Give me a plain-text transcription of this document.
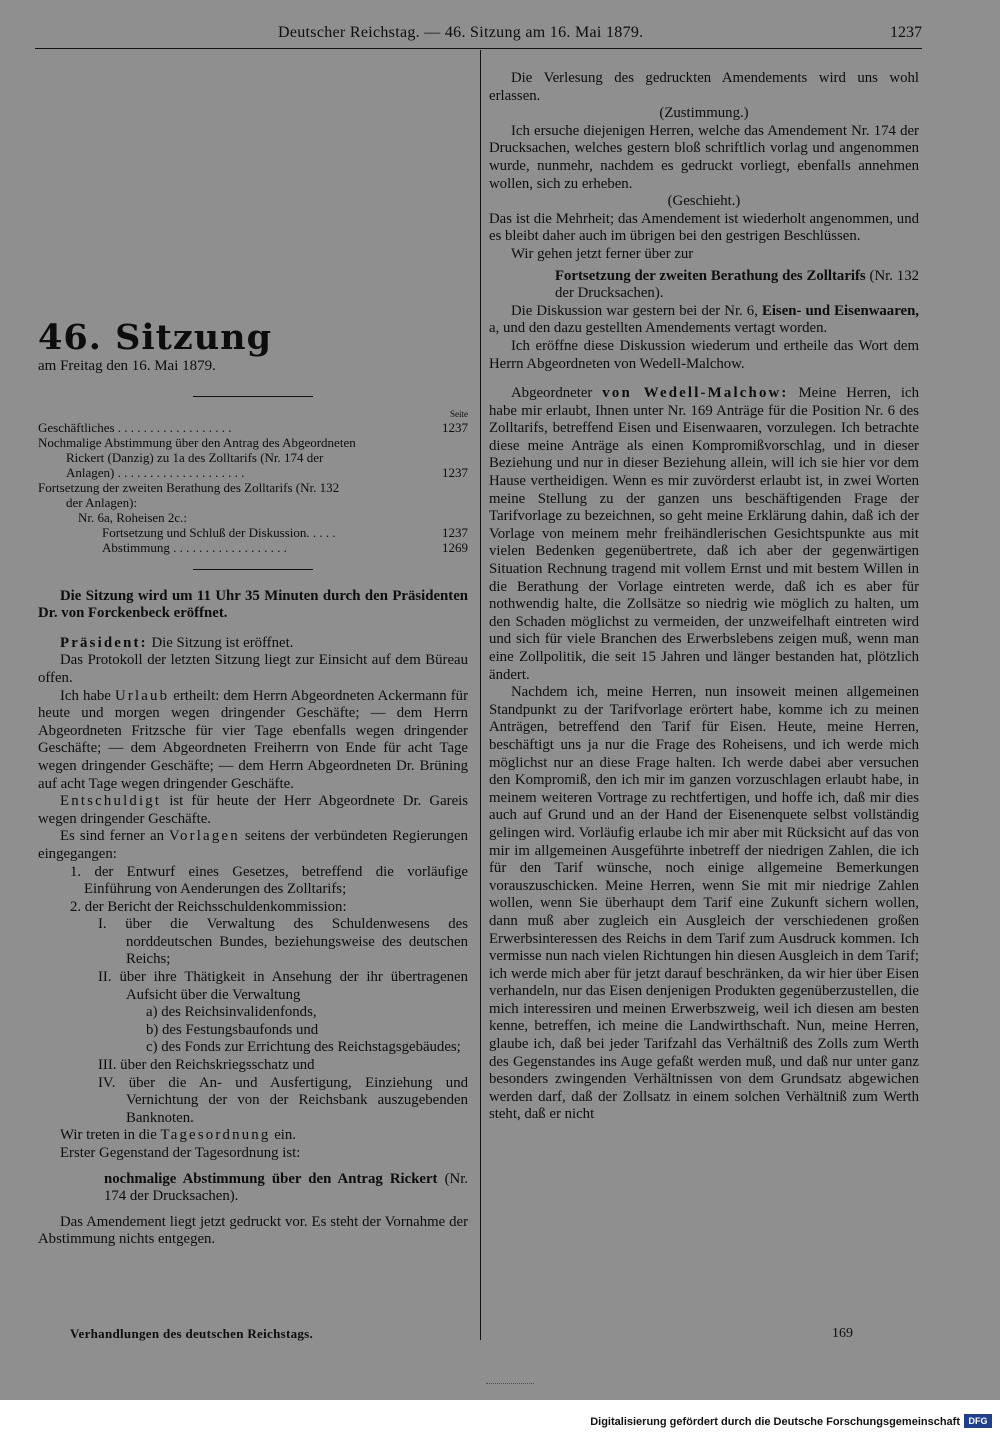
Deutscher Reichstag. — 46. Sitzung am 16. Mai 1879.	1237

46. Sitzung

am Freitag den 16. Mai 1879.

Seite
Geschäftliches . . . . . . . . . . . . . . . . . .	1237
Nochmalige Abstimmung über den Antrag des Abgeordneten
Rickert (Danzig) zu 1a des Zolltarifs (Nr. 174 der
Anlagen) . . . . . . . . . . . . . . . . . . . .	1237
Fortsetzung der zweiten Berathung des Zolltarifs (Nr. 132
der Anlagen):
Nr. 6a, Roheisen 2c.:
Fortsetzung und Schluß der Diskussion. . . . .	1237
Abstimmung . . . . . . . . . . . . . . . . . .	1269

Die Sitzung wird um 11 Uhr 35 Minuten durch den Präsidenten Dr. von Forckenbeck eröffnet.

Präsident: Die Sitzung ist eröffnet.

Das Protokoll der letzten Sitzung liegt zur Einsicht auf dem Büreau offen.

Ich habe Urlaub ertheilt: dem Herrn Abgeordneten Ackermann für heute und morgen wegen dringender Geschäfte; — dem Herrn Abgeordneten Fritzsche für vier Tage ebenfalls wegen dringender Geschäfte; — dem Abgeordneten Freiherrn von Ende für acht Tage wegen dringender Geschäfte; — dem Herrn Abgeordneten Dr. Brüning auf acht Tage wegen dringender Geschäfte.

Entschuldigt ist für heute der Herr Abgeordnete Dr. Gareis wegen dringender Geschäfte.

Es sind ferner an Vorlagen seitens der verbündeten Regierungen eingegangen:

1. der Entwurf eines Gesetzes, betreffend die vorläufige Einführung von Aenderungen des Zolltarifs;

2. der Bericht der Reichsschuldenkommission:

I. über die Verwaltung des Schuldenwesens des norddeutschen Bundes, beziehungsweise des deutschen Reichs;

II. über ihre Thätigkeit in Ansehung der ihr übertragenen Aufsicht über die Verwaltung

a) des Reichsinvalidenfonds,

b) des Festungsbaufonds und

c) des Fonds zur Errichtung des Reichstagsgebäudes;

III. über den Reichskriegsschatz und

IV. über die An- und Ausfertigung, Einziehung und Vernichtung der von der Reichsbank auszugebenden Banknoten.

Wir treten in die Tagesordnung ein.

Erster Gegenstand der Tagesordnung ist:

nochmalige Abstimmung über den Antrag Rickert (Nr. 174 der Drucksachen).

Das Amendement liegt jetzt gedruckt vor. Es steht der Vornahme der Abstimmung nichts entgegen.

Die Verlesung des gedruckten Amendements wird uns wohl erlassen.

(Zustimmung.)

Ich ersuche diejenigen Herren, welche das Amendement Nr. 174 der Drucksachen, welches gestern bloß schriftlich vorlag und angenommen wurde, nunmehr, nachdem es gedruckt vorliegt, ebenfalls annehmen wollen, sich zu erheben.

(Geschieht.)

Das ist die Mehrheit; das Amendement ist wiederholt angenommen, und es bleibt daher auch im übrigen bei den gestrigen Beschlüssen.

Wir gehen jetzt ferner über zur

Fortsetzung der zweiten Berathung des Zolltarifs (Nr. 132 der Drucksachen).

Die Diskussion war gestern bei der Nr. 6, Eisen- und Eisenwaaren, a, und den dazu gestellten Amendements vertagt worden.

Ich eröffne diese Diskussion wiederum und ertheile das Wort dem Herrn Abgeordneten von Wedell-Malchow.

Abgeordneter von Wedell-Malchow: Meine Herren, ich habe mir erlaubt, Ihnen unter Nr. 169 Anträge für die Position Nr. 6 des Zolltarifs, betreffend Eisen und Eisenwaaren, vorzulegen. Ich betrachte diese meine Anträge als einen Kompromißvorschlag, und in dieser Beziehung und nur in dieser Beziehung allein, will ich sie hier vor dem Hause vertheidigen. Wenn es mir zuvörderst erlaubt ist, in zwei Worten meine Stellung zu der ganzen uns beschäftigenden Frage der Tarifvorlage zu bezeichnen, so geht meine Erklärung dahin, daß ich der Vorlage von meinem mehr freihändlerischen Gesichtspunkte aus mit vielen Bedenken gegenübertrete, daß ich aber der gegenwärtigen Situation Rechnung tragend mit vollem Ernst und mit bestem Willen in die Berathung der Vorlage eintreten werde, daß ich es aber für nothwendig halte, die Zollsätze so niedrig wie möglich zu halten, um den Schaden möglichst zu vermeiden, der unzweifelhaft eintreten wird und sich für viele Branchen des Erwerbslebens zeigen muß, wenn man eine Zollpolitik, die seit 15 Jahren und länger bestanden hat, plötzlich ändert.

Nachdem ich, meine Herren, nun insoweit meinen allgemeinen Standpunkt zu der Tarifvorlage erörtert habe, komme ich zu meinen Anträgen, betreffend den Tarif für Eisen. Heute, meine Herren, beschäftigt uns ja nur die Frage des Roheisens, und ich werde mich möglichst nur an diese Frage halten. Ich werde dabei aber versuchen den Kompromiß, den ich mir im ganzen vorzuschlagen erlaubt habe, in meinem weiteren Vortrage zu rechtfertigen, und hoffe ich, daß mir dies auch auf Grund und an der Hand der Eisenenquete selbst vollständig gelingen wird. Vorläufig erlaube ich mir aber mit Rücksicht auf das von mir im allgemeinen Ausgeführte inbetreff der niedrigen Zahlen, die ich für den Tarif wünsche, noch einige allgemeine Bemerkungen vorauszuschicken. Meine Herren, wenn Sie mit mir niedrige Zahlen wollen, wenn Sie überhaupt dem Tarif eine Zukunft sichern wollen, dann muß aber zugleich ein Ausgleich der verschiedenen großen Erwerbsinteressen des Reichs in dem Tarif zum Ausdruck kommen. Ich vermisse nun nach vielen Richtungen hin diesen Ausgleich in dem Tarif; ich werde mich aber für jetzt darauf beschränken, da wir hier über Eisen verhandeln, nur das Eisen denjenigen Produkten gegenüberzustellen, die mich interessiren und meinen Erwerbszweig, weil ich diesen am besten kenne, betreffen, ich meine die Landwirthschaft. Nun, meine Herren, glaube ich, daß bei jeder Tarifzahl das Verhältniß des Zolls zum Werth des Gegenstandes ins Auge gefaßt werden muß, und daß nur unter ganz besonders zwingenden Verhältnissen von dem Grundsatz abgewichen werden darf, daß der Zollsatz in einem solchen Verhältniß zum Werth steht, daß er nicht

Verhandlungen des deutschen Reichstags.	169
Digitalisierung gefördert durch die Deutsche Forschungsgemeinschaft DFG
